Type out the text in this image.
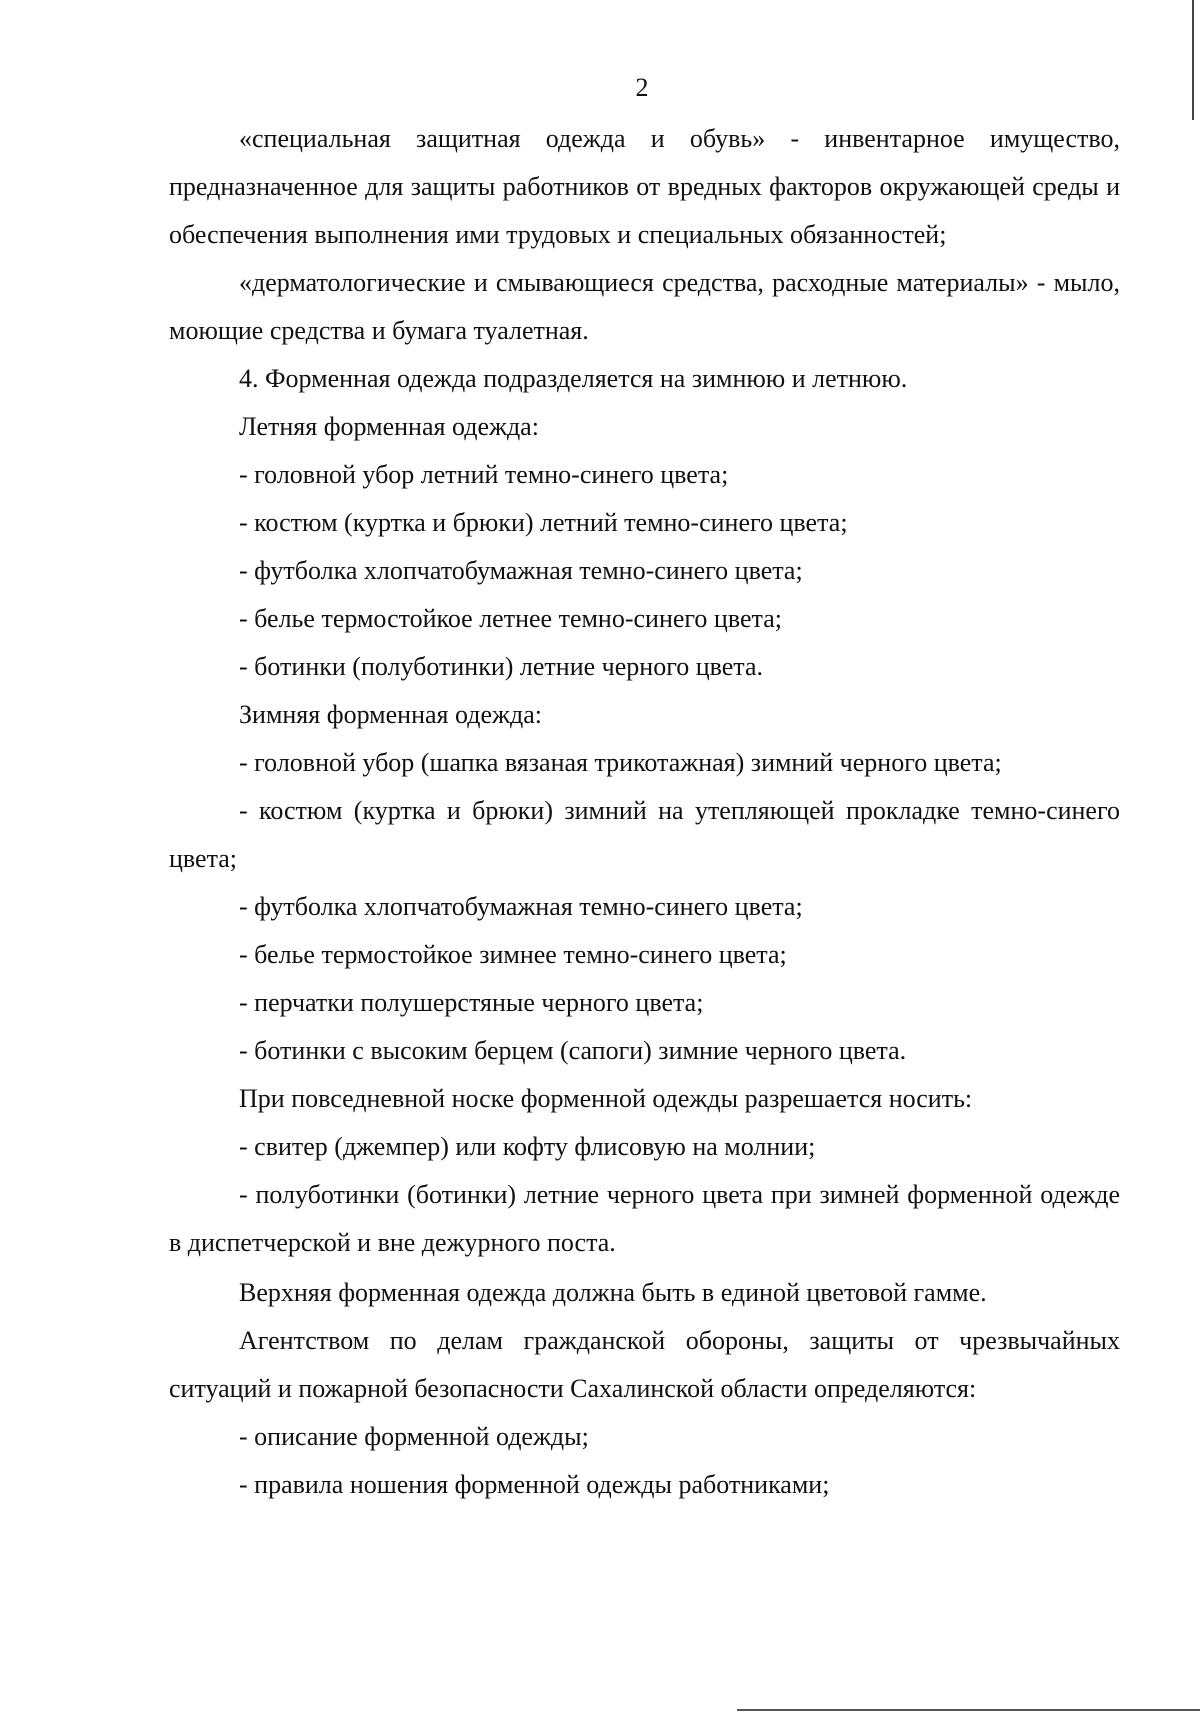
2

«специальная защитная одежда и обувь» - инвентарное имущество, предназначенное для защиты работников от вредных факторов окружающей среды и обеспечения выполнения ими трудовых и специальных обязанностей;

«дерматологические и смывающиеся средства, расходные материалы» - мыло, моющие средства и бумага туалетная.

4. Форменная одежда подразделяется на зимнюю и летнюю.

Летняя форменная одежда:

- головной убор летний темно-синего цвета;

- костюм (куртка и брюки) летний темно-синего цвета;

- футболка хлопчатобумажная темно-синего цвета;

- белье термостойкое летнее темно-синего цвета;

- ботинки (полуботинки) летние черного цвета.

Зимняя форменная одежда:

- головной убор (шапка вязаная трикотажная) зимний черного цвета;

- костюм (куртка и брюки) зимний на утепляющей прокладке темно-синего цвета;

- футболка хлопчатобумажная темно-синего цвета;

- белье термостойкое зимнее темно-синего цвета;

- перчатки полушерстяные черного цвета;

- ботинки с высоким берцем (сапоги) зимние черного цвета.

При повседневной носке форменной одежды разрешается носить:

- свитер (джемпер) или кофту флисовую на молнии;

- полуботинки (ботинки) летние черного цвета при зимней форменной одежде в диспетчерской и вне дежурного поста.

Верхняя форменная одежда должна быть в единой цветовой гамме.

Агентством по делам гражданской обороны, защиты от чрезвычайных ситуаций и пожарной безопасности Сахалинской области определяются:

- описание форменной одежды;

- правила ношения форменной одежды работниками;
